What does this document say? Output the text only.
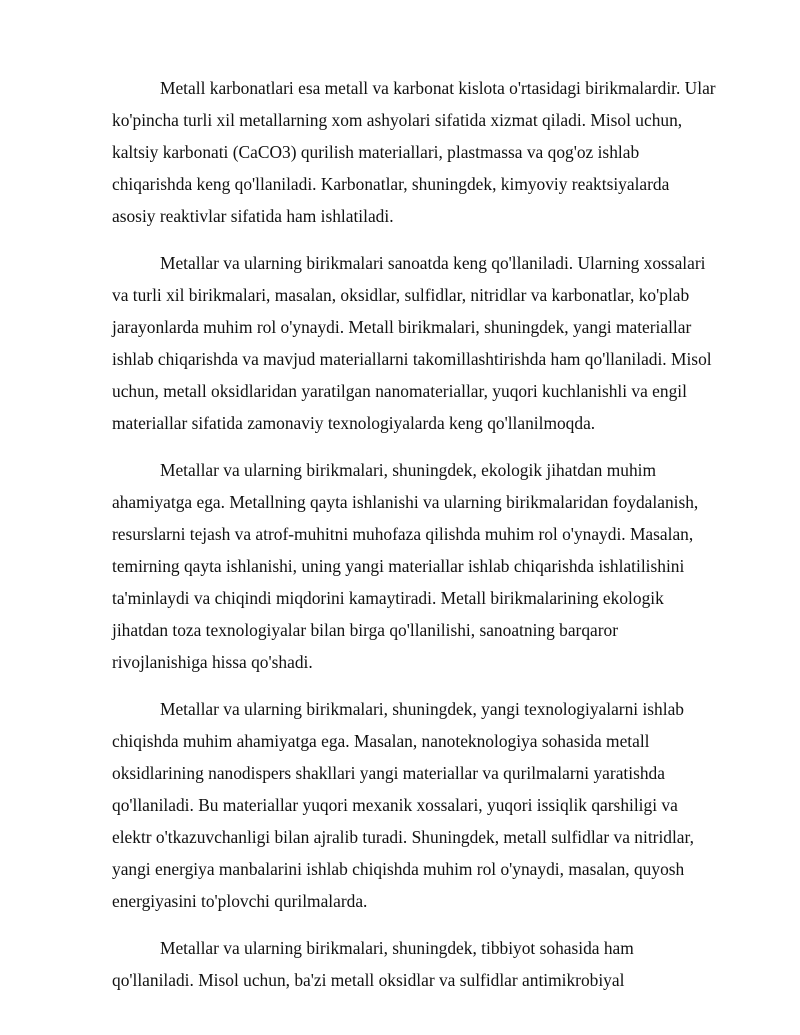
Metall karbonatlari esa metall va karbonat kislota o'rtasidagi birikmalardir. Ular
ko'pincha turli xil metallarning xom ashyolari sifatida xizmat qiladi. Misol uchun,
kaltsiy karbonati (CaCO3) qurilish materiallari, plastmassa va qog'oz ishlab
chiqarishda keng qo'llaniladi. Karbonatlar, shuningdek, kimyoviy reaktsiyalarda
asosiy reaktivlar sifatida ham ishlatiladi.

Metallar va ularning birikmalari sanoatda keng qo'llaniladi. Ularning xossalari
va turli xil birikmalari, masalan, oksidlar, sulfidlar, nitridlar va karbonatlar, ko'plab
jarayonlarda muhim rol o'ynaydi. Metall birikmalari, shuningdek, yangi materiallar
ishlab chiqarishda va mavjud materiallarni takomillashtirishda ham qo'llaniladi. Misol
uchun, metall oksidlaridan yaratilgan nanomateriallar, yuqori kuchlanishli va engil
materiallar sifatida zamonaviy texnologiyalarda keng qo'llanilmoqda.

Metallar va ularning birikmalari, shuningdek, ekologik jihatdan muhim
ahamiyatga ega. Metallning qayta ishlanishi va ularning birikmalaridan foydalanish,
resurslarni tejash va atrof-muhitni muhofaza qilishda muhim rol o'ynaydi. Masalan,
temirning qayta ishlanishi, uning yangi materiallar ishlab chiqarishda ishlatilishini
ta'minlaydi va chiqindi miqdorini kamaytiradi. Metall birikmalarining ekologik
jihatdan toza texnologiyalar bilan birga qo'llanilishi, sanoatning barqaror
rivojlanishiga hissa qo'shadi.

Metallar va ularning birikmalari, shuningdek, yangi texnologiyalarni ishlab
chiqishda muhim ahamiyatga ega. Masalan, nanoteknologiya sohasida metall
oksidlarining nanodispers shakllari yangi materiallar va qurilmalarni yaratishda
qo'llaniladi. Bu materiallar yuqori mexanik xossalari, yuqori issiqlik qarshiligi va
elektr o'tkazuvchanligi bilan ajralib turadi. Shuningdek, metall sulfidlar va nitridlar,
yangi energiya manbalarini ishlab chiqishda muhim rol o'ynaydi, masalan, quyosh
energiyasini to'plovchi qurilmalarda.

Metallar va ularning birikmalari, shuningdek, tibbiyot sohasida ham
qo'llaniladi. Misol uchun, ba'zi metall oksidlar va sulfidlar antimikrobiyal
